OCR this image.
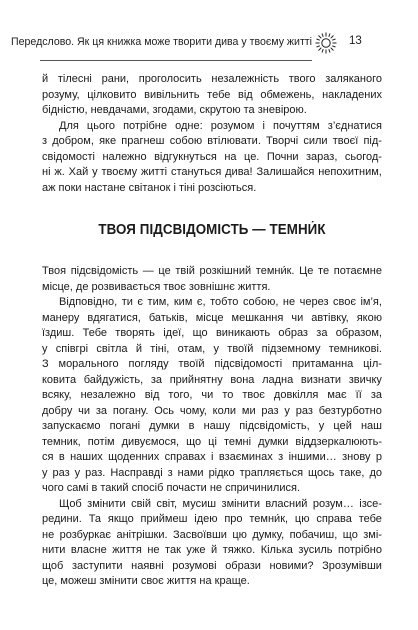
Передслово. Як ця книжка може творити дива у твоєму житті	13
й тілесні рани, проголосить незалежність твого заляканого
розуму, цілковито вивільнить тебе від обмежень, накладених
бідністю, невдачами, згодами, скрутою та зневірою.
Для цього потрібне одне: розумом і почуттям з’єднатися
з добром, яке прагнеш собою втілювати. Творчі сили твоєї під-
свідомості належно відгукнуться на це. Почни зараз, сьогод-
ні ж. Хай у твоєму житті стануться дива! Залишайся непохитним,
аж поки настане світанок і тіні розсіються.
ТВОЯ ПІДСВІДОМІСТЬ — ТЕМНИ́К
Твоя підсвідомість — це твій розкішний темни́к. Це те потаємне
місце, де розвивається твоє зовнішнє життя.
Відповідно, ти є тим, ким є, тобто собою, не через своє ім’я,
манеру вдягатися, батьків, місце мешкання чи автівку, якою
їздиш. Тебе творять ідеї, що виникають образ за образом,
у співгрі світла й тіні, отам, у твоїй підземному темникові.
З морального погляду твоїй підсвідомості притаманна ціл-
ковита байдужість, за прийнятну вона ладна визнати звичку
всяку, незалежно від того, чи то твоє довкілля має її за
добру чи за погану. Ось чому, коли ми раз у раз безтурботно
запускаємо погані думки в нашу підсвідомість, у цей наш
темник, потім дивуємося, що ці темні думки віддзеркалюють-
ся в наших щоденних справах і взаєминах з іншими… знову р
у раз у раз. Насправді з нами рідко трапляється щось таке, до
чого самі в такий спосіб почасти не спричинилися.
Щоб змінити свій світ, мусиш змінити власний розум… ізсе-
редини. Та якщо приймеш ідею про темни́к, цю справа тебе
не розбуркає анітрішки. Засвоївши цю думку, побачиш, що змі-
нити власне життя не так уже й тяжко. Кілька зусиль потрібно
щоб заступити наявні розумові образи новими? Зрозумівши
це, можеш змінити своє життя на краще.
